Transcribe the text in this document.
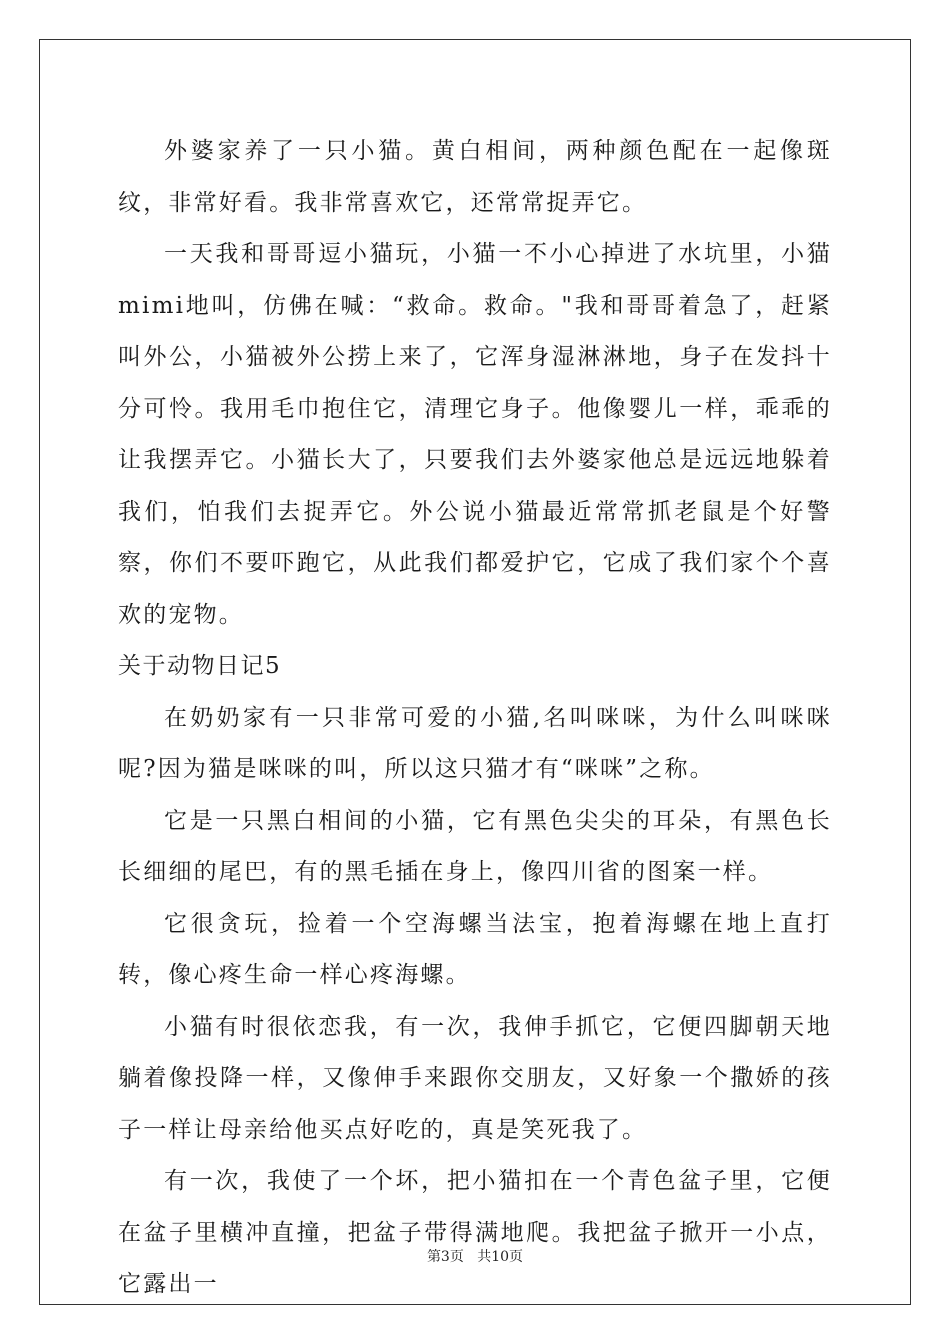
外婆家养了一只小猫。黄白相间，两种颜色配在一起像斑纹，非常好看。我非常喜欢它，还常常捉弄它。

一天我和哥哥逗小猫玩，小猫一不小心掉进了水坑里，小猫mimi地叫，仿佛在喊：“救命。救命。"我和哥哥着急了，赶紧叫外公，小猫被外公捞上来了，它浑身湿淋淋地，身子在发抖十分可怜。我用毛巾抱住它，清理它身子。他像婴儿一样，乖乖的让我摆弄它。小猫长大了，只要我们去外婆家他总是远远地躲着我们，怕我们去捉弄它。外公说小猫最近常常抓老鼠是个好警察，你们不要吓跑它，从此我们都爱护它，它成了我们家个个喜欢的宠物。

关于动物日记5

在奶奶家有一只非常可爱的小猫,名叫咪咪，为什么叫咪咪呢?因为猫是咪咪的叫，所以这只猫才有“咪咪”之称。

它是一只黑白相间的小猫，它有黑色尖尖的耳朵，有黑色长长细细的尾巴，有的黑毛插在身上，像四川省的图案一样。

它很贪玩，捡着一个空海螺当法宝，抱着海螺在地上直打转，像心疼生命一样心疼海螺。

小猫有时很依恋我，有一次，我伸手抓它，它便四脚朝天地躺着像投降一样，又像伸手来跟你交朋友，又好象一个撒娇的孩子一样让母亲给他买点好吃的，真是笑死我了。

有一次，我使了一个坏，把小猫扣在一个青色盆子里，它便在盆子里横冲直撞，把盆子带得满地爬。我把盆子掀开一小点，它露出一

第3页 共10页
